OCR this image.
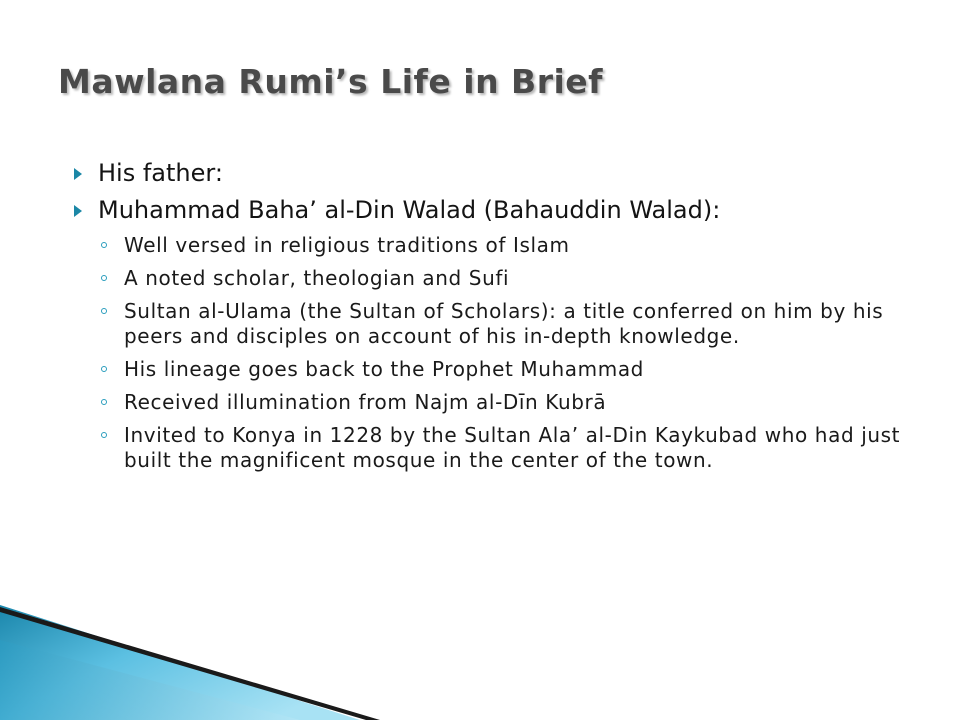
Mawlana Rumi’s Life in Brief
His father:
Muhammad Baha’ al-Din Walad (Bahauddin Walad):
Well versed in religious traditions of Islam
A noted scholar, theologian and Sufi
Sultan al-Ulama (the Sultan of Scholars): a title conferred on him by his peers and disciples on account of his in-depth knowledge.
His lineage goes back to the Prophet Muhammad
Received illumination from Najm al-Dīn Kubrā
Invited to Konya in 1228 by the Sultan Ala’ al-Din Kaykubad who had just built the magnificent mosque in the center of the town.
